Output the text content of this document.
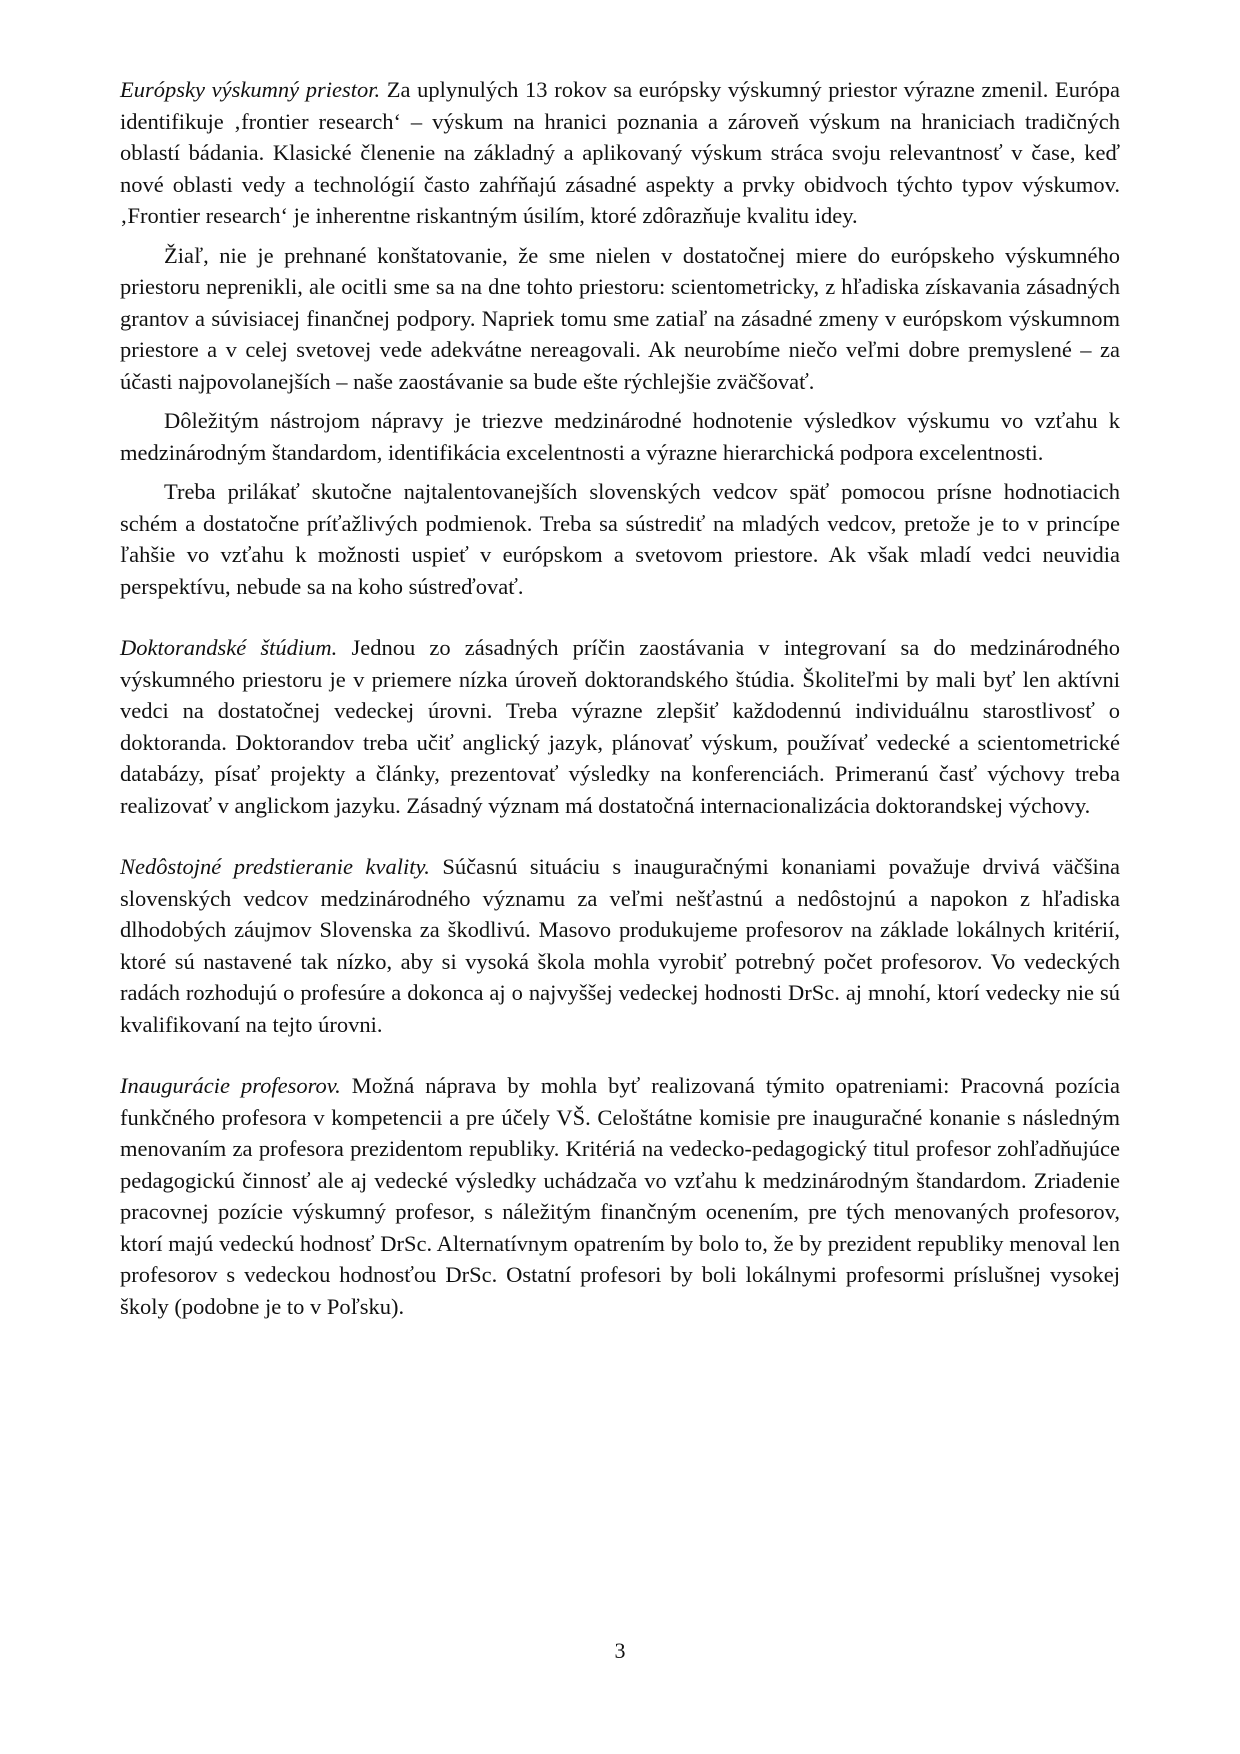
Európsky výskumný priestor. Za uplynulých 13 rokov sa európsky výskumný priestor výrazne zmenil. Európa identifikuje ‚frontier research‘ – výskum na hranici poznania a zároveň výskum na hraniciach tradičných oblastí bádania. Klasické členenie na základný a aplikovaný výskum stráca svoju relevantnosť v čase, keď nové oblasti vedy a technológií často zahŕňajú zásadné aspekty a prvky obidvoch týchto typov výskumov. ‚Frontier research‘ je inherentne riskantným úsilím, ktoré zdôrazňuje kvalitu idey.

Žiaľ, nie je prehnané konštatovanie, že sme nielen v dostatočnej miere do európskeho výskumného priestoru neprenikli, ale ocitli sme sa na dne tohto priestoru: scientometricky, z hľadiska získavania zásadných grantov a súvisiacej finančnej podpory. Napriek tomu sme zatiaľ na zásadné zmeny v európskom výskumnom priestore a v celej svetovej vede adekvátne nereagovali. Ak neurobíme niečo veľmi dobre premyslené – za účasti najpovolanejších – naše zaostávanie sa bude ešte rýchlejšie zväčšovať.

Dôležitým nástrojom nápravy je triezve medzinárodné hodnotenie výsledkov výskumu vo vzťahu k medzinárodným štandardom, identifikácia excelentnosti a výrazne hierarchická podpora excelentnosti.

Treba prilákať skutočne najtalentovanejších slovenských vedcov späť pomocou prísne hodnotiacich schém a dostatočne príťažlivých podmienok. Treba sa sústrediť na mladých vedcov, pretože je to v princípe ľahšie vo vzťahu k možnosti uspieť v európskom a svetovom priestore. Ak však mladí vedci neuvidia perspektívu, nebude sa na koho sústreďovať.

Doktorandské štúdium. Jednou zo zásadných príčin zaostávania v integrovaní sa do medzinárodného výskumného priestoru je v priemere nízka úroveň doktorandského štúdia. Školiteľmi by mali byť len aktívni vedci na dostatočnej vedeckej úrovni. Treba výrazne zlepšiť každodennú individuálnu starostlivosť o doktoranda. Doktorandov treba učiť anglický jazyk, plánovať výskum, používať vedecké a scientometrické databázy, písať projekty a články, prezentovať výsledky na konferenciách. Primeranú časť výchovy treba realizovať v anglickom jazyku. Zásadný význam má dostatočná internacionalizácia doktorandskej výchovy.

Nedôstojné predstieranie kvality. Súčasnú situáciu s inauguračnými konaniami považuje drvivá väčšina slovenských vedcov medzinárodného významu za veľmi nešťastnú a nedôstojnú a napokon z hľadiska dlhodobých záujmov Slovenska za škodlivú. Masovo produkujeme profesorov na základe lokálnych kritérií, ktoré sú nastavené tak nízko, aby si vysoká škola mohla vyrobiť potrebný počet profesorov. Vo vedeckých radách rozhodujú o profesúre a dokonca aj o najvyššej vedeckej hodnosti DrSc. aj mnohí, ktorí vedecky nie sú kvalifikovaní na tejto úrovni.

Inaugurácie profesorov. Možná náprava by mohla byť realizovaná týmito opatreniami: Pracovná pozícia funkčného profesora v kompetencii a pre účely VŠ. Celoštátne komisie pre inauguračné konanie s následným menovaním za profesora prezidentom republiky. Kritériá na vedecko-pedagogický titul profesor zohľadňujúce pedagogickú činnosť ale aj vedecké výsledky uchádzača vo vzťahu k medzinárodným štandardom. Zriadenie pracovnej pozície výskumný profesor, s náležitým finančným ocenením, pre tých menovaných profesorov, ktorí majú vedeckú hodnosť DrSc. Alternatívnym opatrením by bolo to, že by prezident republiky menoval len profesorov s vedeckou hodnosťou DrSc. Ostatní profesori by boli lokálnymi profesormi príslušnej vysokej školy (podobne je to v Poľsku).

3
